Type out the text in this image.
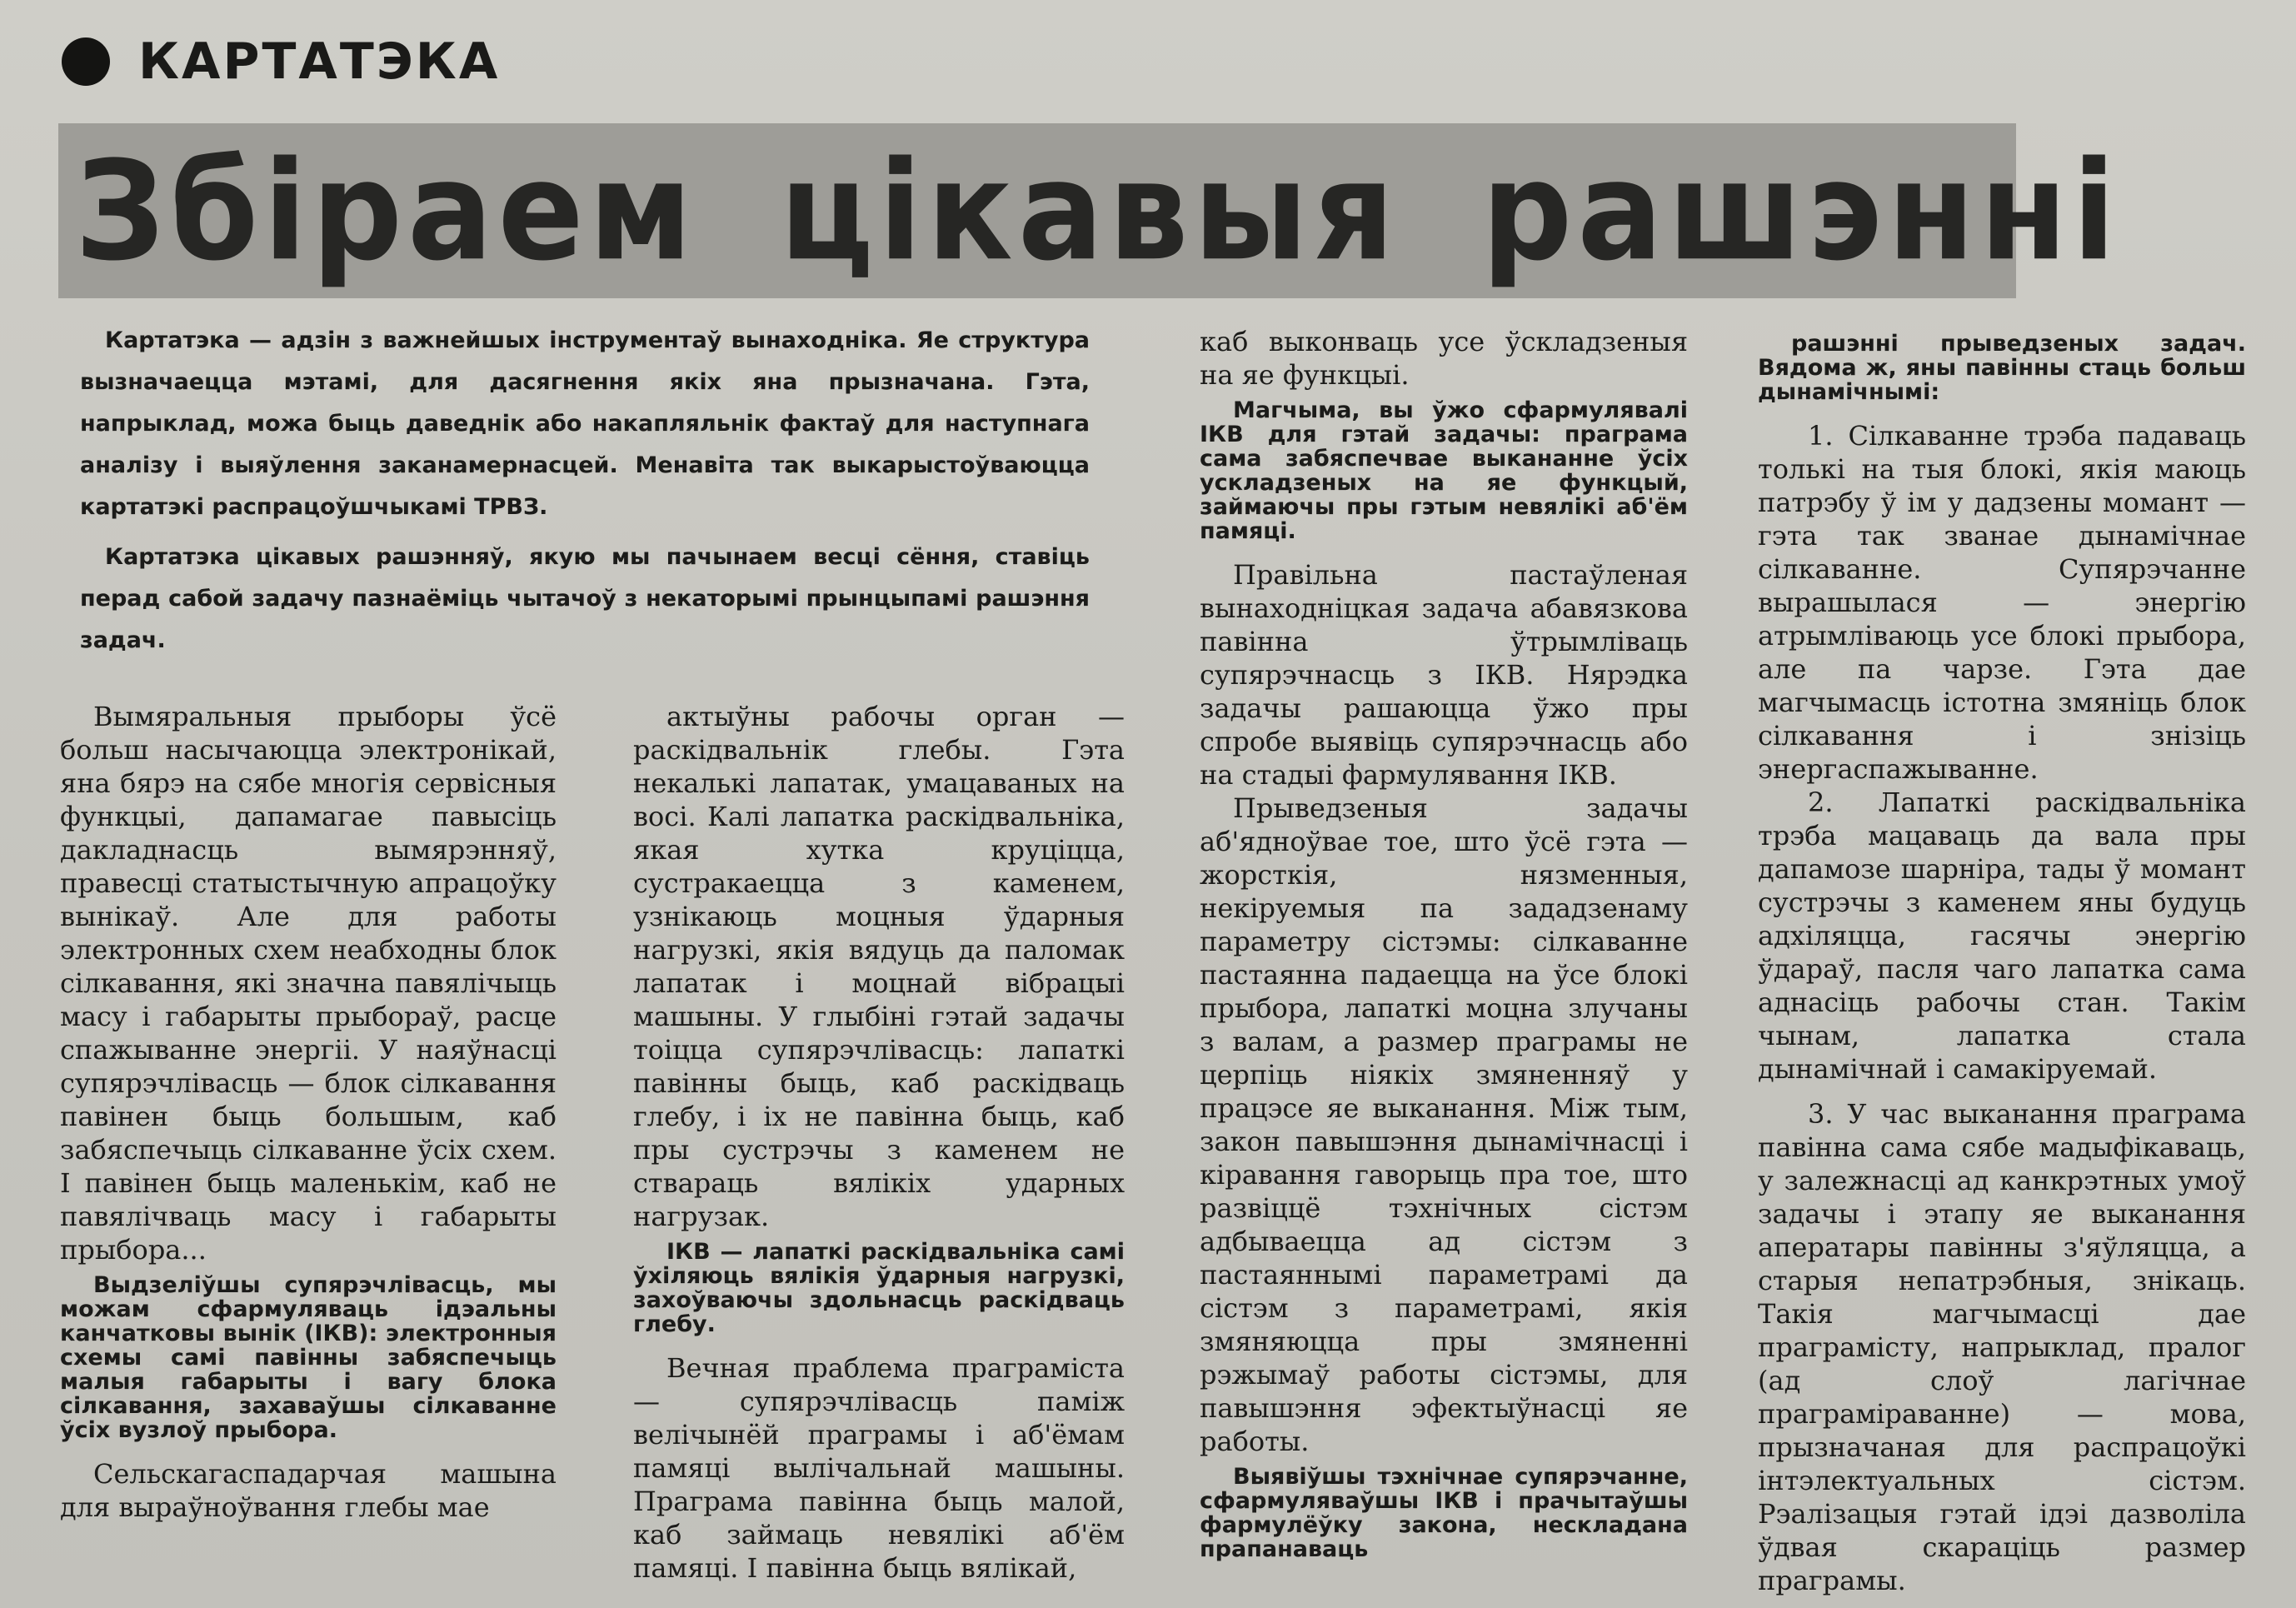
КАРТАТЭКА
Збіраем цікавыя рашэнні

Картатэка — адзін з важнейшых інструментаў вынаходніка. Яе структура вызначаецца мэтамі, для дасягнення якіх яна прызначана. Гэта, напрыклад, можа быць даведнік або накапляльнік фактаў для наступнага аналізу і выяўлення заканамернасцей. Менавіта так выкарыстоўваюцца картатэкі распрацоўшчыкамі ТРВЗ.

Картатэка цікавых рашэнняў, якую мы пачынаем весці сёння, ставіць перад сабой задачу пазнаёміць чытачоў з некаторымі прынцыпамі рашэння задач.

Вымяральныя прыборы ўсё больш насычаюцца электронікай, яна бярэ на сябе многія сервісныя функцыі, дапамагае павысіць дакладнасць вымярэнняў, правесці статыстычную апрацоўку вынікаў. Але для работы электронных схем неабходны блок сілкавання, які значна павялічыць масу і габарыты прыбораў, расце спажыванне энергіі. У наяўнасці супярэчлівасць — блок сілкавання павінен быць большым, каб забяспечыць сілкаванне ўсіх схем. І павінен быць маленькім, каб не павялічваць масу і габарыты прыбора...

Выдзеліўшы супярэчлівасць, мы можам сфармуляваць ідэальны канчатковы вынік (ІКВ): электронныя схемы самі павінны забяспечыць малыя габарыты і вагу блока сілкавання, захаваўшы сілкаванне ўсіх вузлоў прыбора.

Сельскагаспадарчая машына для выраўноўвання глебы мае

актыўны рабочы орган — раскідвальнік глебы. Гэта некалькі лапатак, умацаваных на восі. Калі лапатка раскідвальніка, якая хутка круціцца, сустракаецца з каменем, узнікаюць моцныя ўдарныя нагрузкі, якія вядуць да паломак лапатак і моцнай вібрацыі машыны. У глыбіні гэтай задачы тоіцца супярэчлівасць: лапаткі павінны быць, каб раскідваць глебу, і іх не павінна быць, каб пры сустрэчы з каменем не ствараць вялікіх ударных нагрузак.

ІКВ — лапаткі раскідвальніка самі ўхіляюць вялікія ўдарныя нагрузкі, захоўваючы здольнасць раскідваць глебу.

Вечная праблема праграміста — супярэчлівасць паміж велічынёй праграмы і аб'ёмам памяці вылічальнай машыны. Праграма павінна быць малой, каб займаць невялікі аб'ём памяці. І павінна быць вялікай,

каб выконваць усе ўскладзеныя на яе функцыі.

Магчыма, вы ўжо сфармулявалі ІКВ для гэтай задачы: праграма сама забяспечвае выкананне ўсіх ускладзеных на яе функцый, займаючы пры гэтым невялікі аб'ём памяці.

Правільна пастаўленая вынаходніцкая задача абавязкова павінна ўтрымліваць супярэчнасць з ІКВ. Нярэдка задачы рашаюцца ўжо пры спробе выявіць супярэчнасць або на стадыі фармулявання ІКВ.

Прыведзеныя задачы аб'ядноўвае тое, што ўсё гэта — жорсткія, нязменныя, некіруемыя па зададзенаму параметру сістэмы: сілкаванне пастаянна падаецца на ўсе блокі прыбора, лапаткі моцна злучаны з валам, а размер праграмы не церпіць ніякіх змяненняў у працэсе яе выканання. Між тым, закон павышэння дынамічнасці і кіравання гаворыць пра тое, што развіццё тэхнічных сістэм адбываецца ад сістэм з пастаяннымі параметрамі да сістэм з параметрамі, якія змяняюцца пры змяненні рэжымаў работы сістэмы, для павышэння эфектыўнасці яе работы.

Выявіўшы тэхнічнае супярэчанне, сфармуляваўшы ІКВ і прачытаўшы фармулёўку закона, нескладана прапанаваць

рашэнні прыведзеных задач. Вядома ж, яны павінны стаць больш дынамічнымі:

1. Сілкаванне трэба падаваць толькі на тыя блокі, якія маюць патрэбу ў ім у дадзены момант — гэта так званае дынамічнае сілкаванне. Супярэчанне вырашылася — энергію атрымліваюць усе блокі прыбора, але па чарзе. Гэта дае магчымасць істотна змяніць блок сілкавання і знізіць энергаспажыванне.

2. Лапаткі раскідвальніка трэба мацаваць да вала пры дапамозе шарніра, тады ў момант сустрэчы з каменем яны будуць адхіляцца, гасячы энергію ўдараў, пасля чаго лапатка сама аднасіць рабочы стан. Такім чынам, лапатка стала дынамічнай і самакіруемай.

3. У час выканання праграма павінна сама сябе мадыфікаваць, у залежнасці ад канкрэтных умоў задачы і этапу яе выканання аператары павінны з'яўляцца, а старыя непатрэбныя, знікаць. Такія магчымасці дае праграмісту, напрыклад, пралог (ад слоў лагічнае праграміраванне) — мова, прызначаная для распрацоўкі інтэлектуальных сістэм. Рэалізацыя гэтай ідэі дазволіла ўдвая скараціць размер праграмы.
